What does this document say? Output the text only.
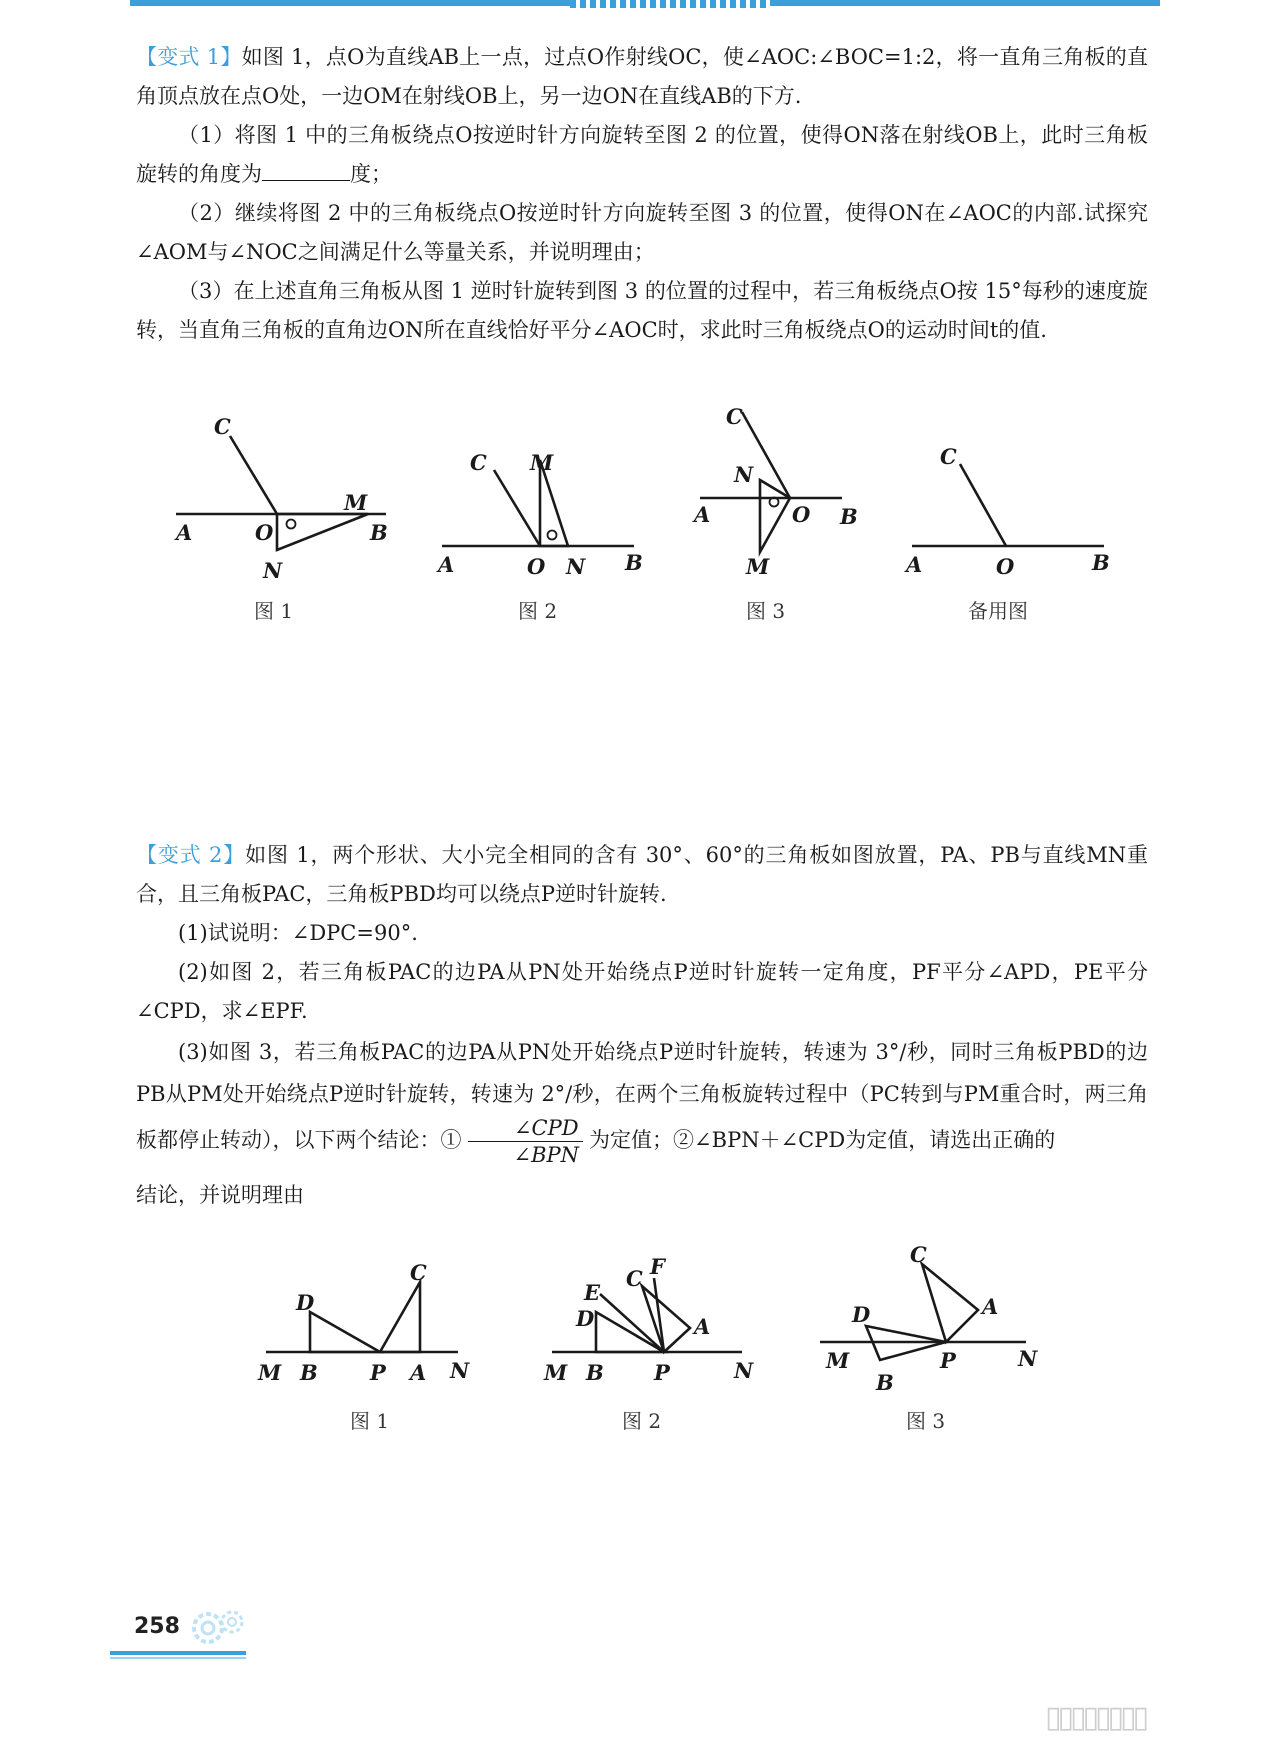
【变式 1】如图 1，点O为直线AB上一点，过点O作射线OC，使∠AOC:∠BOC=1:2，将一直角三角板的直角顶点放在点O处，一边OM在射线OB上，另一边ON在直线AB的下方.

（1）将图 1 中的三角板绕点O按逆时针方向旋转至图 2 的位置，使得ON落在射线OB上，此时三角板旋转的角度为	度；

（2）继续将图 2 中的三角板绕点O按逆时针方向旋转至图 3 的位置，使得ON在∠AOC的内部.试探究∠AOM与∠NOC之间满足什么等量关系，并说明理由；

（3）在上述直角三角板从图 1 逆时针旋转到图 3 的位置的过程中，若三角板绕点O按 15°每秒的速度旋转，当直角三角板的直角边ON所在直线恰好平分∠AOC时，求此时三角板绕点O的运动时间t的值.

C
A	O
M
B
N
图 1
C M
A	O N B
图 2
C
N
A	O B
M
图 3
C
A	O	B
备用图

【变式 2】如图 1，两个形状、大小完全相同的含有 30°、60°的三角板如图放置，PA、PB与直线MN重合，且三角板PAC，三角板PBD均可以绕点P逆时针旋转.

(1)试说明：∠DPC=90°.

(2)如图 2，若三角板PAC的边PA从PN处开始绕点P逆时针旋转一定角度，PF平分∠APD，PE平分∠CPD，求∠EPF.

(3)如图 3，若三角板PAC的边PA从PN处开始绕点P逆时针旋转，转速为 3°/秒，同时三角板PBD的边PB从PM处开始绕点P逆时针旋转，转速为 2°/秒，在两个三角板旋转过程中（PC转到与PM重合时，两三角板都停止转动），以下两个结论：① $\frac{\text{∠CPD}}{\text{∠BPN}}$ 为定值；②∠BPN＋∠CPD为定值，请选出正确的

结论，并说明理由

D
C
M B P A N
图 1
E
C F
D	A
M B P	N
图 2
C
D	A
M	P	N
B
图 3
258
▯▯▯▯▯▯▯▯
